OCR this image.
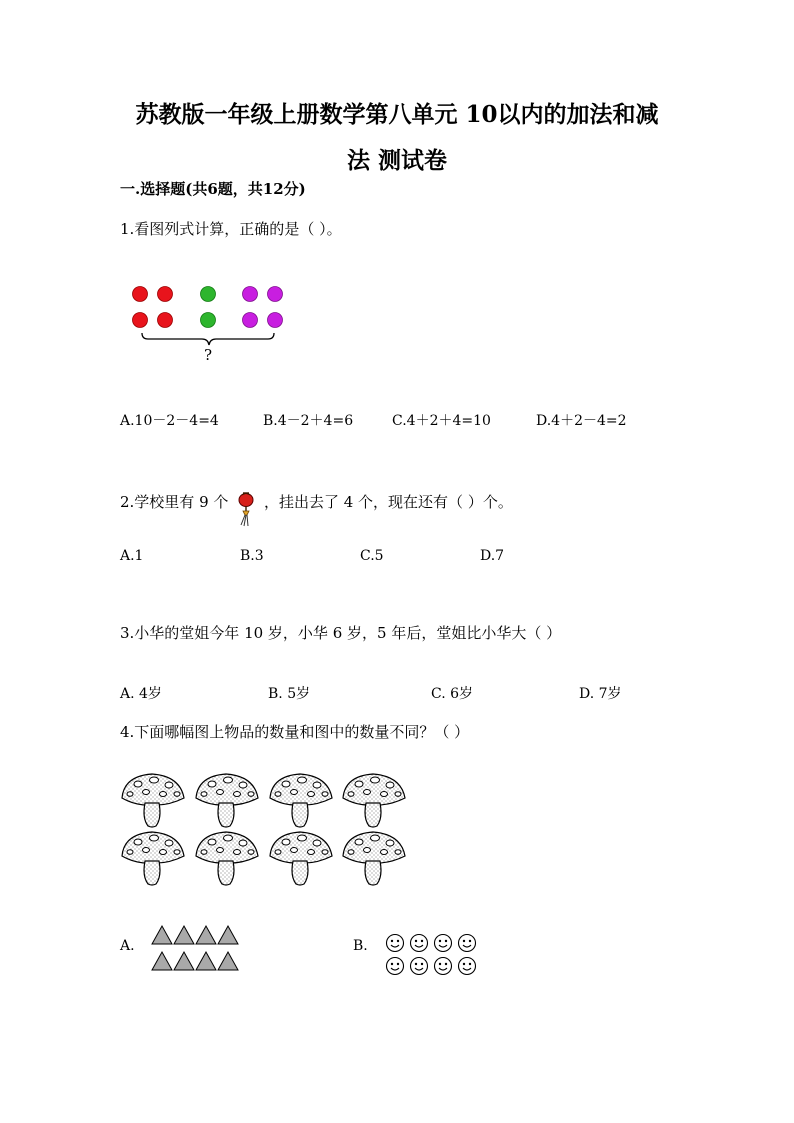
苏教版一年级上册数学第八单元 10以内的加法和减
法 测试卷
一.选择题(共6题，共12分)
1.看图列式计算，正确的是（ ）。
?
A.10－2－4=4	B.4－2＋4=6	C.4＋2＋4=10	D.4＋2－4=2
2.学校里有 9 个 ，挂出去了 4 个，现在还有（ ）个。
A.1	B.3	C.5	D.7
3.小华的堂姐今年 10 岁，小华 6 岁，5 年后，堂姐比小华大（ ）
A. 4岁	B. 5岁	C. 6岁	D. 7岁
4.下面哪幅图上物品的数量和图中的数量不同？（ ）
A.	B.
